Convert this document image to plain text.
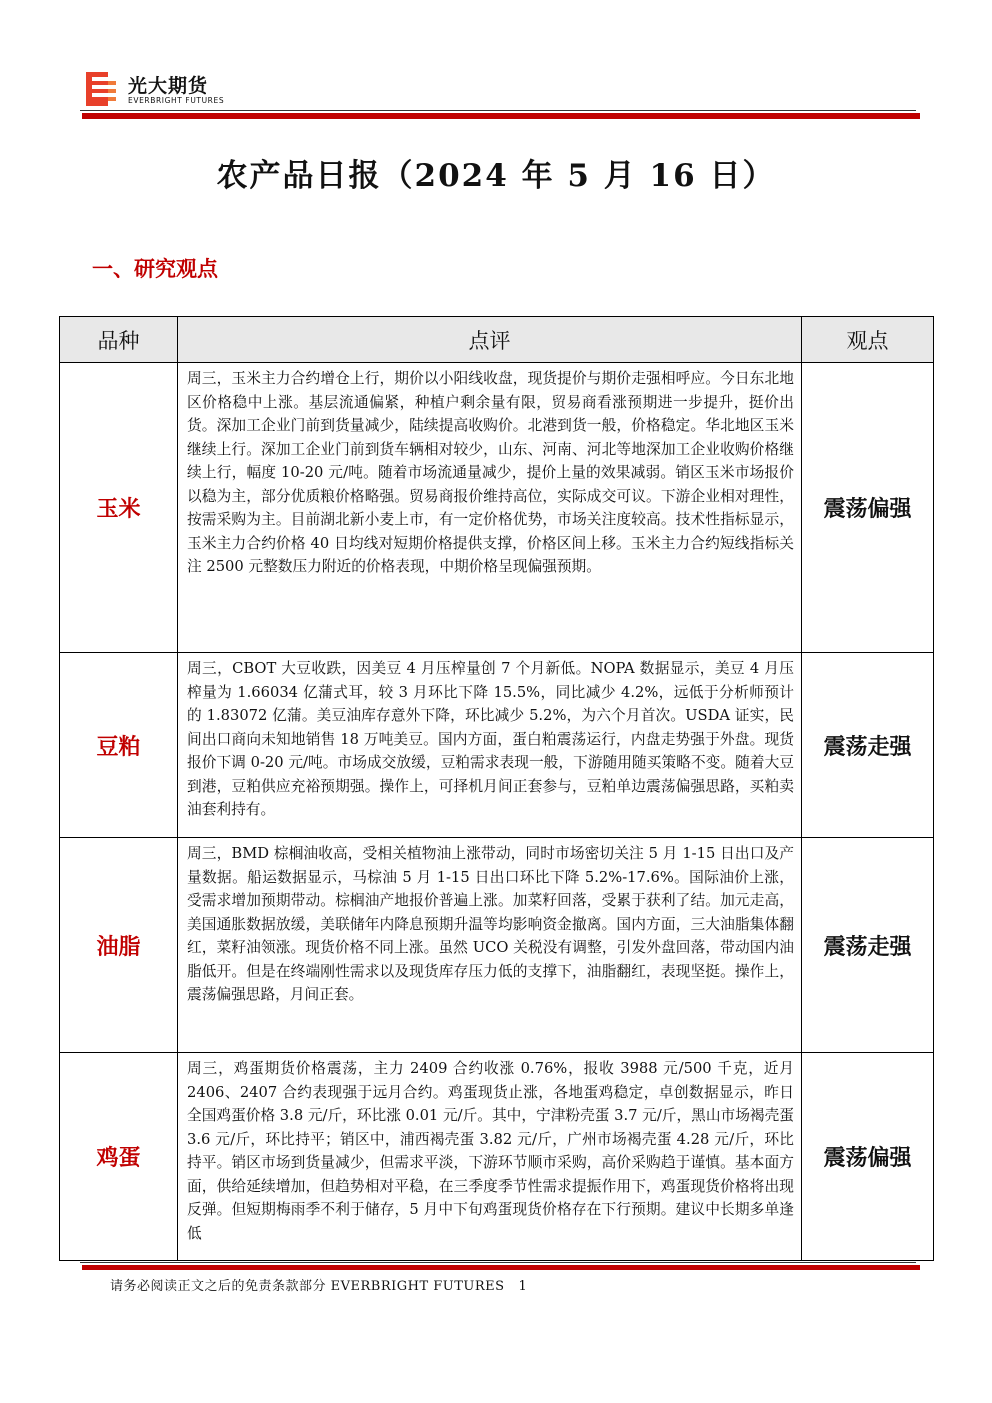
光大期货
EVERBRIGHT FUTURES
农产品日报（2024 年 5 月 16 日）
一、研究观点
品种	点评	观点
玉米	周三，玉米主力合约增仓上行，期价以小阳线收盘，现货提价与期价走强相呼应。今日东北地区价格稳中上涨。基层流通偏紧，种植户剩余量有限，贸易商看涨预期进一步提升，挺价出货。深加工企业门前到货量减少，陆续提高收购价。北港到货一般，价格稳定。华北地区玉米继续上行。深加工企业门前到货车辆相对较少，山东、河南、河北等地深加工企业收购价格继续上行，幅度 10-20 元/吨。随着市场流通量减少，提价上量的效果减弱。销区玉米市场报价以稳为主，部分优质粮价格略强。贸易商报价维持高位，实际成交可议。下游企业相对理性，按需采购为主。目前湖北新小麦上市，有一定价格优势，市场关注度较高。技术性指标显示，玉米主力合约价格 40 日均线对短期价格提供支撑，价格区间上移。玉米主力合约短线指标关注 2500 元整数压力附近的价格表现，中期价格呈现偏强预期。	震荡偏强
豆粕	周三，CBOT 大豆收跌，因美豆 4 月压榨量创 7 个月新低。NOPA 数据显示，美豆 4 月压榨量为 1.66034 亿蒲式耳，较 3 月环比下降 15.5%，同比减少 4.2%，远低于分析师预计的 1.83072 亿蒲。美豆油库存意外下降，环比减少 5.2%，为六个月首次。USDA 证实，民间出口商向未知地销售 18 万吨美豆。国内方面，蛋白粕震荡运行，内盘走势强于外盘。现货报价下调 0-20 元/吨。市场成交放缓，豆粕需求表现一般，下游随用随买策略不变。随着大豆到港，豆粕供应充裕预期强。操作上，可择机月间正套参与，豆粕单边震荡偏强思路，买粕卖油套利持有。	震荡走强
油脂	周三，BMD 棕榈油收高，受相关植物油上涨带动，同时市场密切关注 5 月 1-15 日出口及产量数据。船运数据显示，马棕油 5 月 1-15 日出口环比下降 5.2%-17.6%。国际油价上涨，受需求增加预期带动。棕榈油产地报价普遍上涨。加菜籽回落，受累于获利了结。加元走高，美国通胀数据放缓，美联储年内降息预期升温等均影响资金撤离。国内方面，三大油脂集体翻红，菜籽油领涨。现货价格不同上涨。虽然 UCO 关税没有调整，引发外盘回落，带动国内油脂低开。但是在终端刚性需求以及现货库存压力低的支撑下，油脂翻红，表现坚挺。操作上，震荡偏强思路，月间正套。	震荡走强
鸡蛋	周三，鸡蛋期货价格震荡，主力 2409 合约收涨 0.76%，报收 3988 元/500 千克，近月 2406、2407 合约表现强于远月合约。鸡蛋现货止涨，各地蛋鸡稳定，卓创数据显示，昨日全国鸡蛋价格 3.8 元/斤，环比涨 0.01 元/斤。其中，宁津粉壳蛋 3.7 元/斤，黑山市场褐壳蛋 3.6 元/斤，环比持平；销区中，浦西褐壳蛋 3.82 元/斤，广州市场褐壳蛋 4.28 元/斤，环比持平。销区市场到货量减少，但需求平淡，下游环节顺市采购，高价采购趋于谨慎。基本面方面，供给延续增加，但趋势相对平稳，在三季度季节性需求提振作用下，鸡蛋现货价格将出现反弹。但短期梅雨季不利于储存，5 月中下旬鸡蛋现货价格存在下行预期。建议中长期多单逢低	震荡偏强
请务必阅读正文之后的免责条款部分 EVERBRIGHT FUTURES 1
